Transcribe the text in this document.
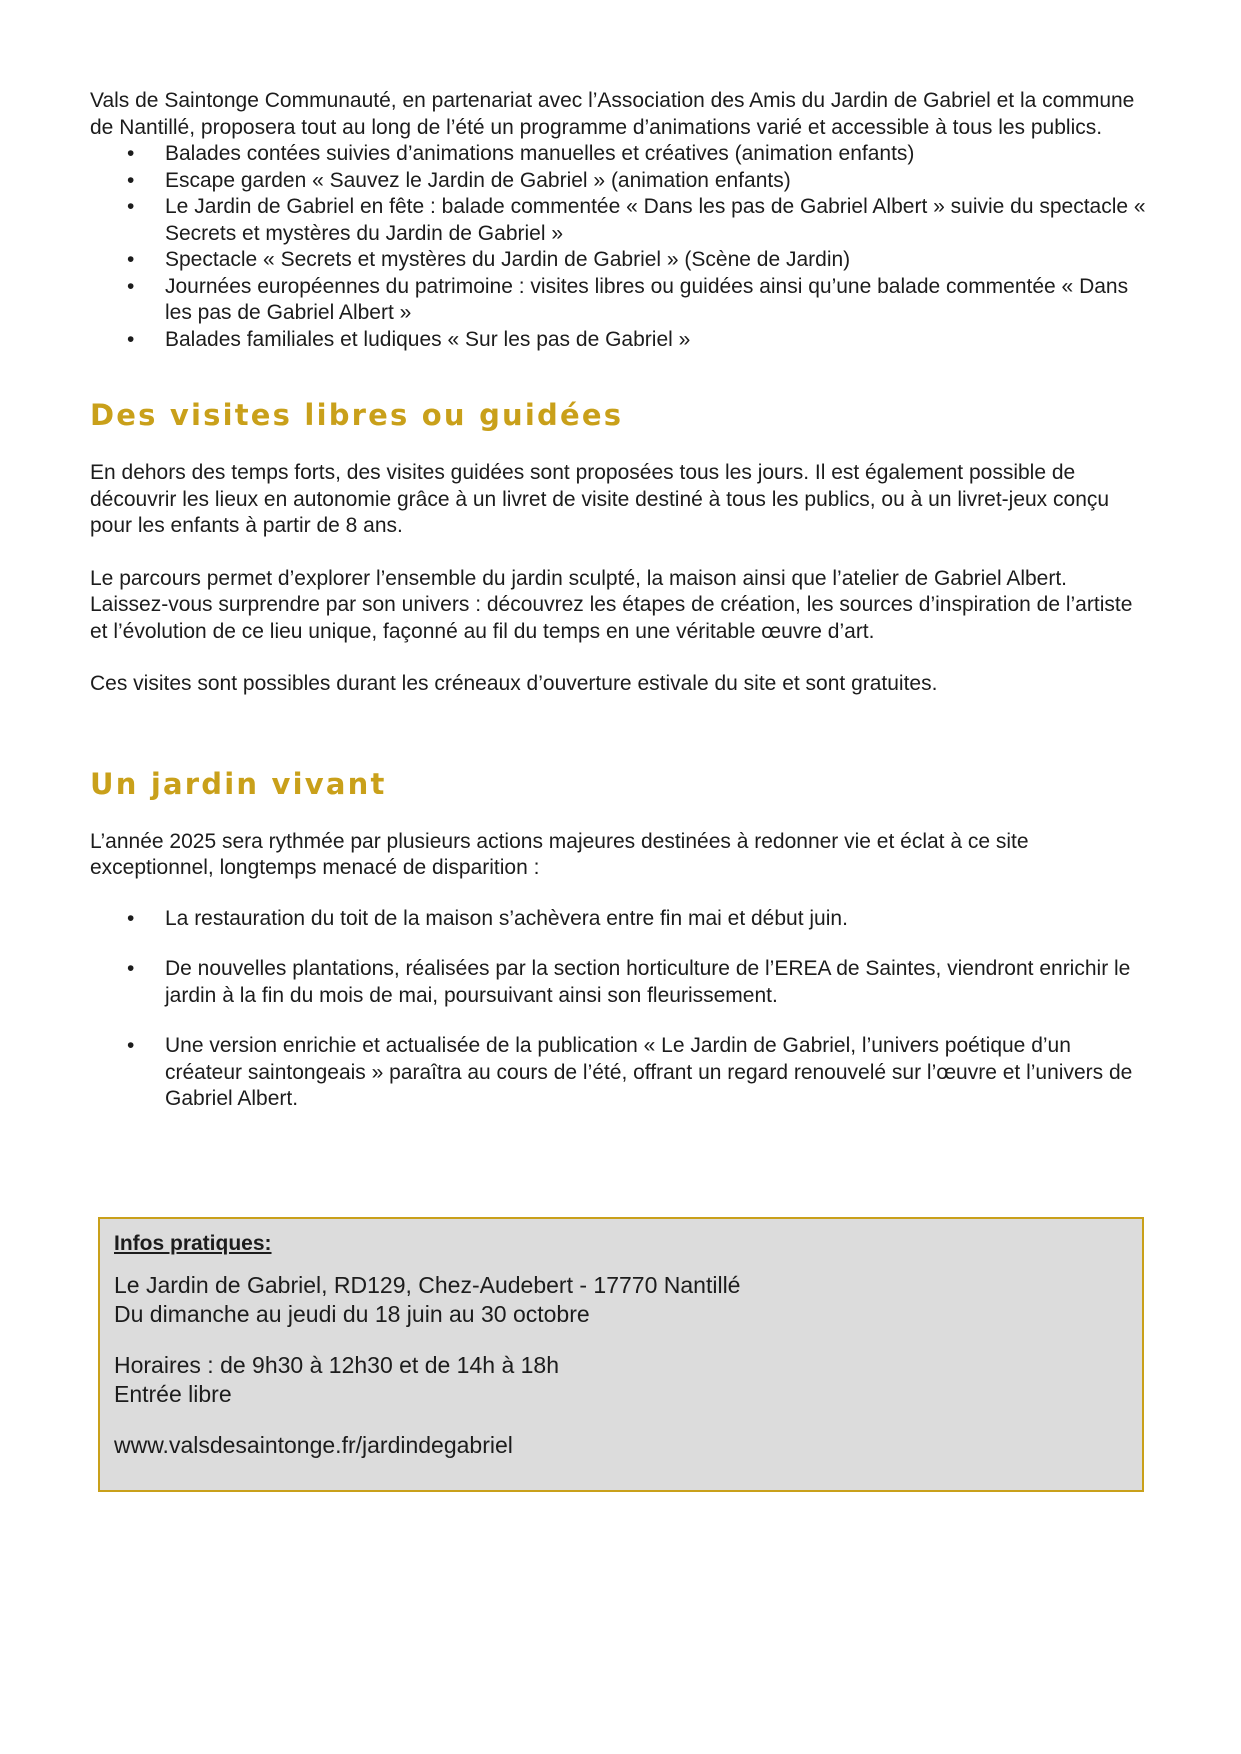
Vals de Saintonge Communauté, en partenariat avec l’Association des Amis du Jardin de Gabriel et la commune de Nantillé, proposera tout au long de l’été un programme d’animations varié et accessible à tous les publics.

• Balades contées suivies d’animations manuelles et créatives (animation enfants)
• Escape garden « Sauvez le Jardin de Gabriel » (animation enfants)
• Le Jardin de Gabriel en fête : balade commentée « Dans les pas de Gabriel Albert » suivie du spectacle « Secrets et mystères du Jardin de Gabriel »
• Spectacle « Secrets et mystères du Jardin de Gabriel » (Scène de Jardin)
• Journées européennes du patrimoine : visites libres ou guidées ainsi qu’une balade commentée « Dans les pas de Gabriel Albert »
• Balades familiales et ludiques « Sur les pas de Gabriel »
Des visites libres ou guidées

En dehors des temps forts, des visites guidées sont proposées tous les jours. Il est également possible de découvrir les lieux en autonomie grâce à un livret de visite destiné à tous les publics, ou à un livret-jeux conçu pour les enfants à partir de 8 ans.

Le parcours permet d’explorer l’ensemble du jardin sculpté, la maison ainsi que l’atelier de Gabriel Albert. Laissez-vous surprendre par son univers : découvrez les étapes de création, les sources d’inspiration de l’artiste et l’évolution de ce lieu unique, façonné au fil du temps en une véritable œuvre d’art.

Ces visites sont possibles durant les créneaux d’ouverture estivale du site et sont gratuites.

Un jardin vivant

L’année 2025 sera rythmée par plusieurs actions majeures destinées à redonner vie et éclat à ce site exceptionnel, longtemps menacé de disparition :

• La restauration du toit de la maison s’achèvera entre fin mai et début juin.
• De nouvelles plantations, réalisées par la section horticulture de l’EREA de Saintes, viendront enrichir le jardin à la fin du mois de mai, poursuivant ainsi son fleurissement.
• Une version enrichie et actualisée de la publication « Le Jardin de Gabriel, l’univers poétique d’un créateur saintongeais » paraîtra au cours de l’été, offrant un regard renouvelé sur l’œuvre et l’univers de Gabriel Albert.
Infos pratiques:
Le Jardin de Gabriel, RD129, Chez-Audebert - 17770 Nantillé
Du dimanche au jeudi du 18 juin au 30 octobre
Horaires : de 9h30 à 12h30 et de 14h à 18h
Entrée libre
www.valsdesaintonge.fr/jardindegabriel
